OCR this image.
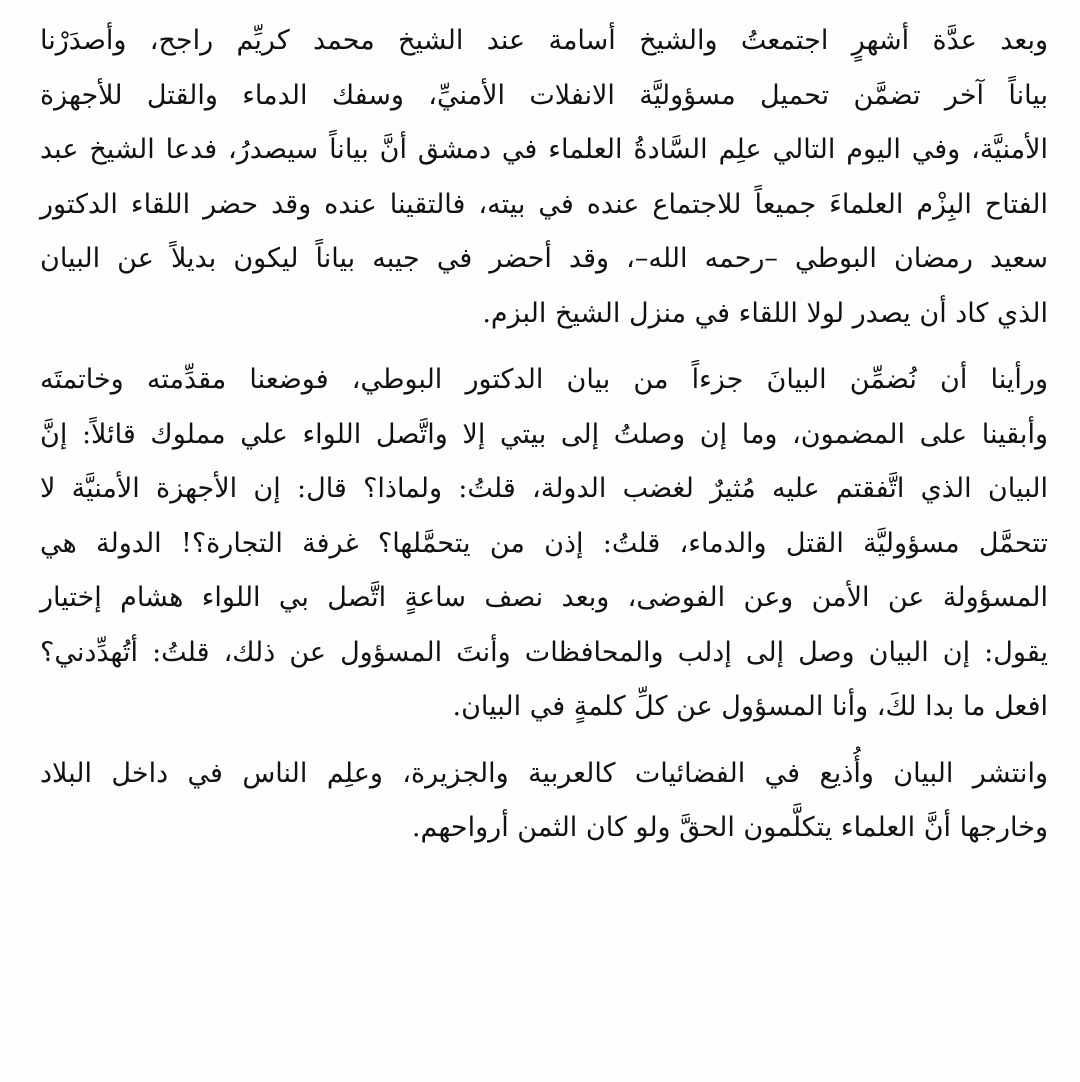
وبعد عدَّة أشهرٍ اجتمعتُ والشيخ أسامة عند الشيخ محمد كريِّم راجح، وأصدَرْنا
بياناً آخر تضمَّن تحميل مسؤوليَّة الانفلات الأمنيِّ، وسفك الدماء والقتل للأجهزة
الأمنيَّة، وفي اليوم التالي علِم السَّادةُ العلماء في دمشق أنَّ بياناً سيصدرُ، فدعا الشيخ عبد
الفتاح البِزْم العلماءَ جميعاً للاجتماع عنده في بيته، فالتقينا عنده وقد حضر اللقاء الدكتور
سعيد رمضان البوطي –رحمه الله–، وقد أحضر في جيبه بياناً ليكون بديلاً عن البيان
الذي كاد أن يصدر لولا اللقاء في منزل الشيخ البزم.
ورأينا أن نُضمِّن البيانَ جزءاً من بيان الدكتور البوطي، فوضعنا مقدِّمته وخاتمتَه
وأبقينا على المضمون، وما إن وصلتُ إلى بيتي إلا واتَّصل اللواء علي مملوك قائلاً: إنَّ
البيان الذي اتَّفقتم عليه مُثيرٌ لغضب الدولة، قلتُ: ولماذا؟ قال: إن الأجهزة الأمنيَّة لا
تتحمَّل مسؤوليَّة القتل والدماء، قلتُ: إذن من يتحمَّلها؟ غرفة التجارة؟! الدولة هي
المسؤولة عن الأمن وعن الفوضى، وبعد نصف ساعةٍ اتَّصل بي اللواء هشام إختيار
يقول: إن البيان وصل إلى إدلب والمحافظات وأنتَ المسؤول عن ذلك، قلتُ: أتُهدِّدني؟
افعل ما بدا لكَ، وأنا المسؤول عن كلِّ كلمةٍ في البيان.
وانتشر البيان وأُذيع في الفضائيات كالعربية والجزيرة، وعلِم الناس في داخل البلاد
وخارجها أنَّ العلماء يتكلَّمون الحقَّ ولو كان الثمن أرواحهم.
